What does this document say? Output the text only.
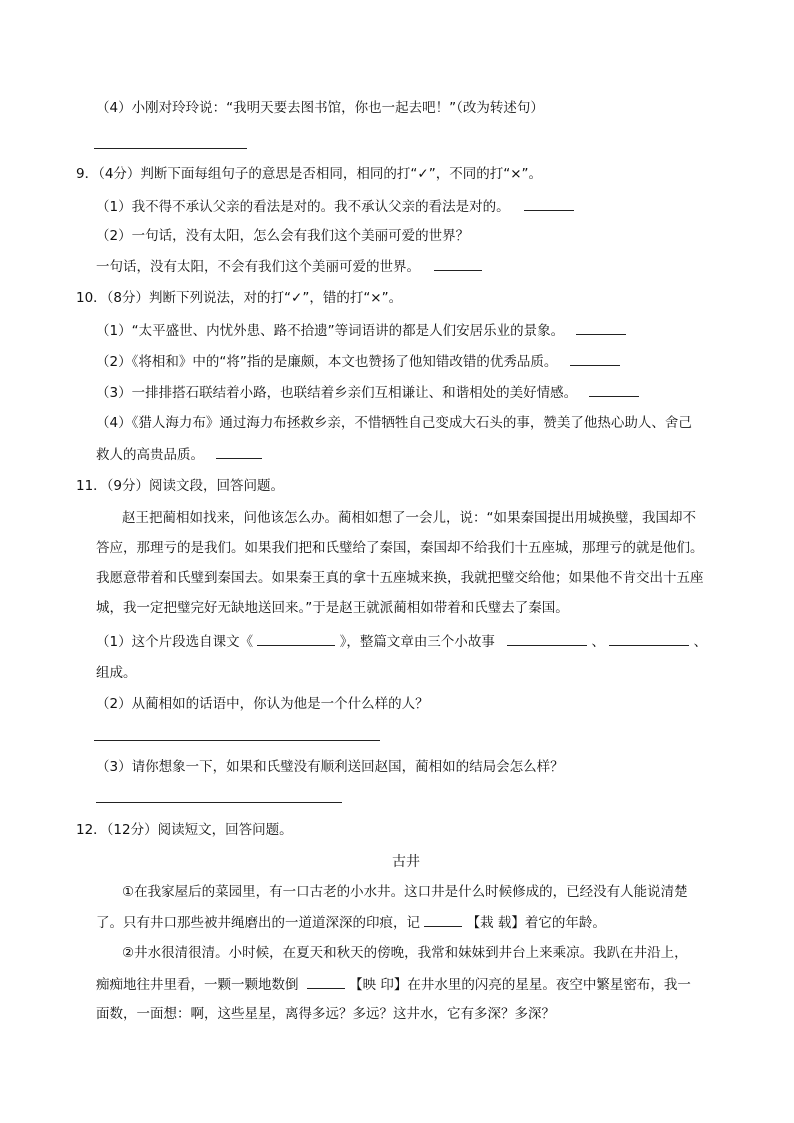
（4）小刚对玲玲说：“我明天要去图书馆，你也一起去吧！”（改为转述句）
9．（4分）判断下面每组句子的意思是否相同，相同的打“✓”，不同的打“×”。
（1）我不得不承认父亲的看法是对的。我不承认父亲的看法是对的。
（2）一句话，没有太阳，怎么会有我们这个美丽可爱的世界？
一句话，没有太阳，不会有我们这个美丽可爱的世界。
10．（8分）判断下列说法，对的打“✓”，错的打“×”。
（1）“太平盛世、内忧外患、路不拾遗”等词语讲的都是人们安居乐业的景象。
（2）《将相和》中的“将”指的是廉颇，本文也赞扬了他知错改错的优秀品质。
（3）一排排搭石联结着小路，也联结着乡亲们互相谦让、和谐相处的美好情感。
（4）《猎人海力布》通过海力布拯救乡亲，不惜牺牲自己变成大石头的事，赞美了他热心助人、舍己
救人的高贵品质。
11．（9分）阅读文段，回答问题。
赵王把蔺相如找来，问他该怎么办。蔺相如想了一会儿，说：“如果秦国提出用城换璧，我国却不
答应，那理亏的是我们。如果我们把和氏璧给了秦国，秦国却不给我们十五座城，那理亏的就是他们。
我愿意带着和氏璧到秦国去。如果秦王真的拿十五座城来换，我就把璧交给他；如果他不肯交出十五座
城，我一定把璧完好无缺地送回来。”于是赵王就派蔺相如带着和氏璧去了秦国。
（1）这个片段选自课文《	》，整篇文章由三个小故事	、	、
组成。
（2）从蔺相如的话语中，你认为他是一个什么样的人？
（3）请你想象一下，如果和氏璧没有顺利送回赵国，蔺相如的结局会怎么样？
12．（12分）阅读短文，回答问题。
古井
①在我家屋后的菜园里，有一口古老的小水井。这口井是什么时候修成的，已经没有人能说清楚
了。只有井口那些被井绳磨出的一道道深深的印痕，记	【栽 载】着它的年龄。
②井水很清很清。小时候，在夏天和秋天的傍晚，我常和妹妹到井台上来乘凉。我趴在井沿上，
痴痴地往井里看，一颗一颗地数倒	【映 印】在井水里的闪亮的星星。夜空中繁星密布，我一
面数，一面想：啊，这些星星，离得多远？多远？这井水，它有多深？多深？
